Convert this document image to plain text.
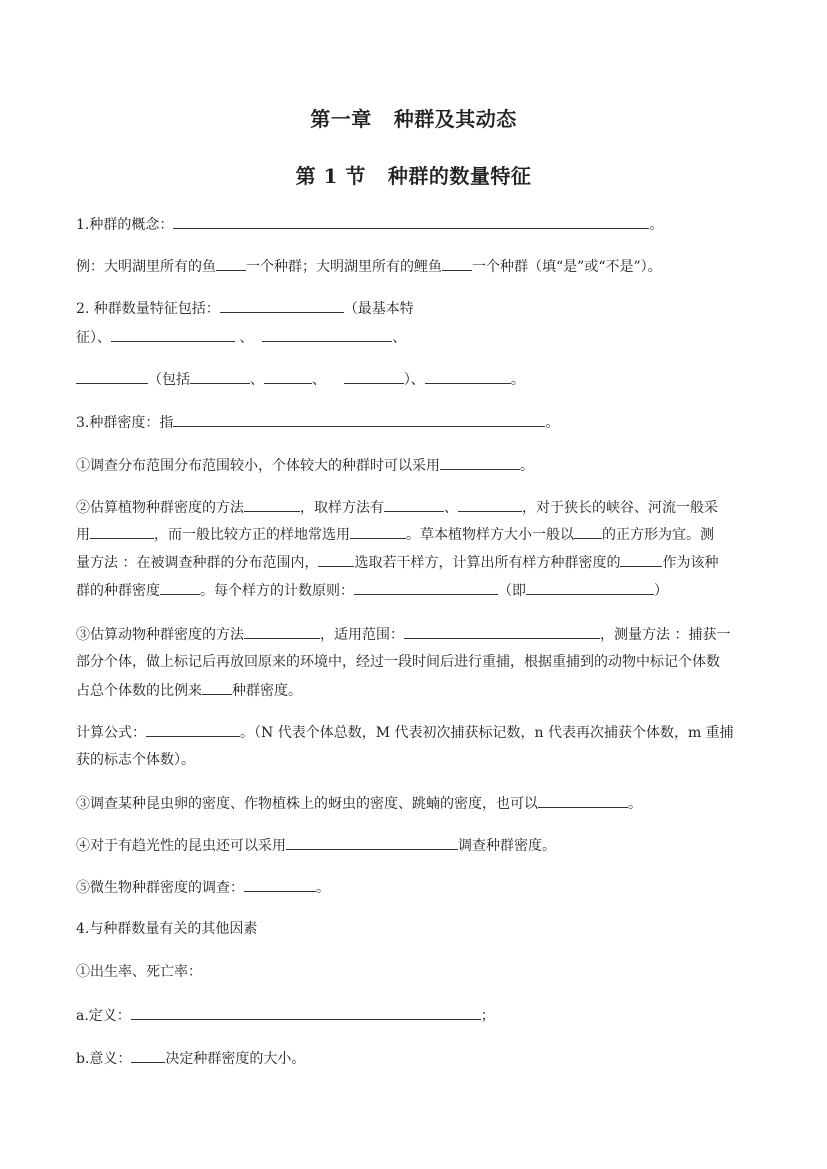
第一章 种群及其动态
第 1 节 种群的数量特征
1.种群的概念：	。
例：大明湖里所有的鱼 一个种群；大明湖里所有的鲤鱼 一个种群（填“是”或“不是”）。
2. 种群数量特征包括：	（最基本特
征）、	、	、
（包括	、	、	）、	。
3.种群密度：指	。
①调查分布范围分布范围较小，个体较大的种群时可以采用	。
②估算植物种群密度的方法	，取样方法有	、	，对于狭长的峡谷、河流一般采
用	，而一般比较方正的样地常选用	。草本植物样方大小一般以 的正方形为宜。测
量方法 ：在被调查种群的分布范围内，	选取若干样方，计算出所有样方种群密度的	作为该种
群的种群密度	。每个样方的计数原则：	（即	）
③估算动物种群密度的方法	，适用范围：	，测量方法 ：捕获一
部分个体，做上标记后再放回原来的环境中，经过一段时间后进行重捕，根据重捕到的动物中标记个体数
占总个体数的比例来 种群密度。
计算公式：	。（N 代表个体总数，M 代表初次捕获标记数，n 代表再次捕获个体数，m 重捕
获的标志个体数）。
③调查某种昆虫卵的密度、作物植株上的蚜虫的密度、跳蝻的密度，也可以	。
④对于有趋光性的昆虫还可以采用	调查种群密度。
⑤微生物种群密度的调查：	。
4.与种群数量有关的其他因素
①出生率、死亡率：
a.定义：	；
b.意义： 决定种群密度的大小。
